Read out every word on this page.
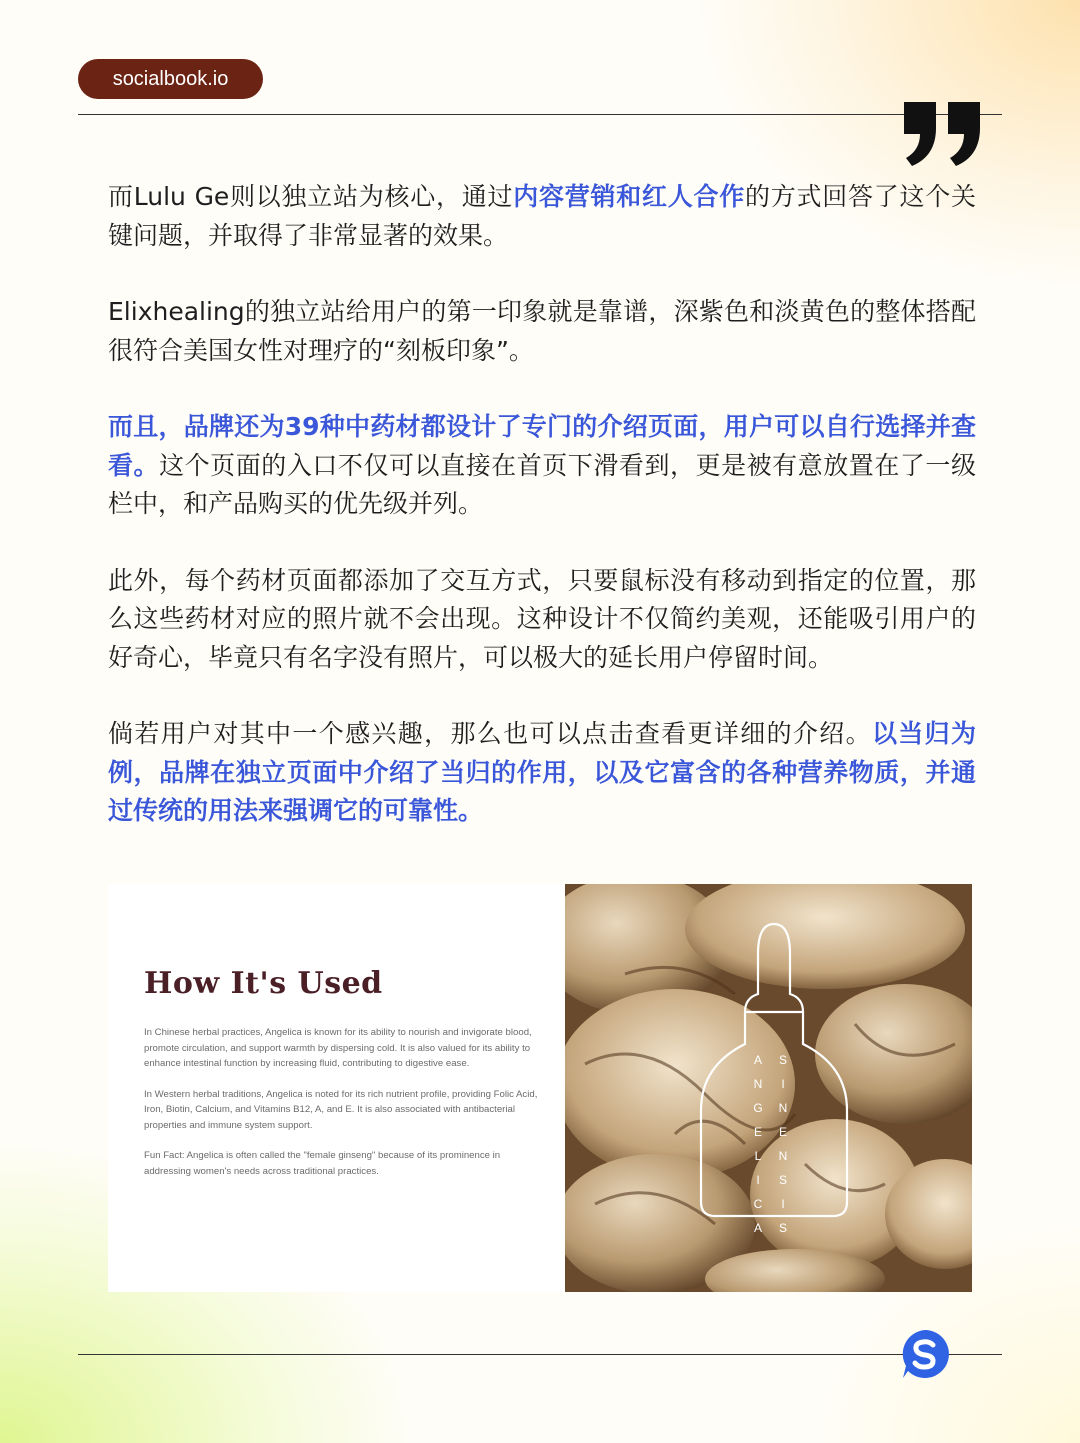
socialbook.io

而Lulu Ge则以独立站为核心，通过内容营销和红人合作的方式回答了这个关键问题，并取得了非常显著的效果。

Elixhealing的独立站给用户的第一印象就是靠谱，深紫色和淡黄色的整体搭配很符合美国女性对理疗的“刻板印象”。

而且，品牌还为39种中药材都设计了专门的介绍页面，用户可以自行选择并查看。这个页面的入口不仅可以直接在首页下滑看到，更是被有意放置在了一级栏中，和产品购买的优先级并列。

此外，每个药材页面都添加了交互方式，只要鼠标没有移动到指定的位置，那么这些药材对应的照片就不会出现。这种设计不仅简约美观，还能吸引用户的好奇心，毕竟只有名字没有照片，可以极大的延长用户停留时间。

倘若用户对其中一个感兴趣，那么也可以点击查看更详细的介绍。以当归为例，品牌在独立页面中介绍了当归的作用，以及它富含的各种营养物质，并通过传统的用法来强调它的可靠性。

How It's Used

In Chinese herbal practices, Angelica is known for its ability to nourish and invigorate blood, promote circulation, and support warmth by dispersing cold. It is also valued for its ability to enhance intestinal function by increasing fluid, contributing to digestive ease.

In Western herbal traditions, Angelica is noted for its rich nutrient profile, providing Folic Acid, Iron, Biotin, Calcium, and Vitamins B12, A, and E. It is also associated with antibacterial properties and immune system support.

Fun Fact: Angelica is often called the "female ginseng" because of its prominence in addressing women's needs across traditional practices.

A
N
G
E
L
I
C
A
S
I
N
E
N
S
I
S
